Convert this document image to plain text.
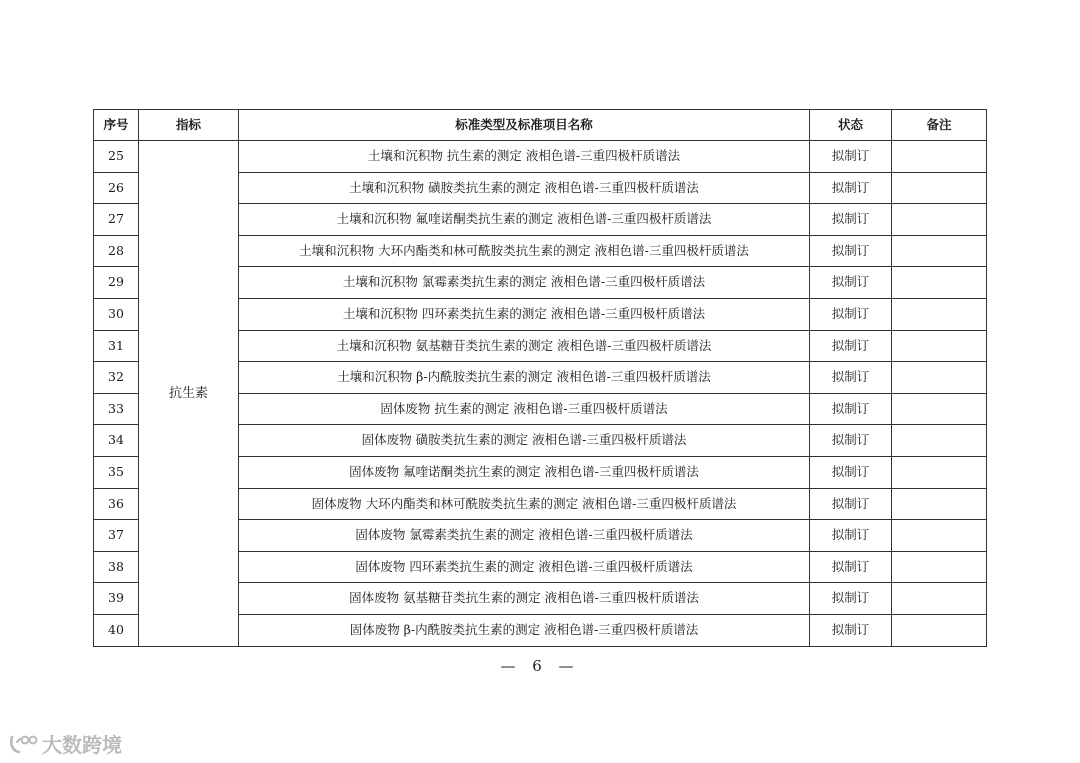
序号	指标	标准类型及标准项目名称	状态	备注
25	抗生素	土壤和沉积物 抗生素的测定 液相色谱-三重四极杆质谱法	拟制订	
26		土壤和沉积物 磺胺类抗生素的测定 液相色谱-三重四极杆质谱法	拟制订	
27		土壤和沉积物 氟喹诺酮类抗生素的测定 液相色谱-三重四极杆质谱法	拟制订	
28		土壤和沉积物 大环内酯类和林可酰胺类抗生素的测定 液相色谱-三重四极杆质谱法	拟制订	
29		土壤和沉积物 氯霉素类抗生素的测定 液相色谱-三重四极杆质谱法	拟制订	
30		土壤和沉积物 四环素类抗生素的测定 液相色谱-三重四极杆质谱法	拟制订	
31		土壤和沉积物 氨基糖苷类抗生素的测定 液相色谱-三重四极杆质谱法	拟制订	
32		土壤和沉积物 β-内酰胺类抗生素的测定 液相色谱-三重四极杆质谱法	拟制订	
33		固体废物 抗生素的测定 液相色谱-三重四极杆质谱法	拟制订	
34		固体废物 磺胺类抗生素的测定 液相色谱-三重四极杆质谱法	拟制订	
35		固体废物 氟喹诺酮类抗生素的测定 液相色谱-三重四极杆质谱法	拟制订	
36		固体废物 大环内酯类和林可酰胺类抗生素的测定 液相色谱-三重四极杆质谱法	拟制订	
37		固体废物 氯霉素类抗生素的测定 液相色谱-三重四极杆质谱法	拟制订	
38		固体废物 四环素类抗生素的测定 液相色谱-三重四极杆质谱法	拟制订	
39		固体废物 氨基糖苷类抗生素的测定 液相色谱-三重四极杆质谱法	拟制订	
40		固体废物 β-内酰胺类抗生素的测定 液相色谱-三重四极杆质谱法	拟制订	
— 6 —
大数跨境
